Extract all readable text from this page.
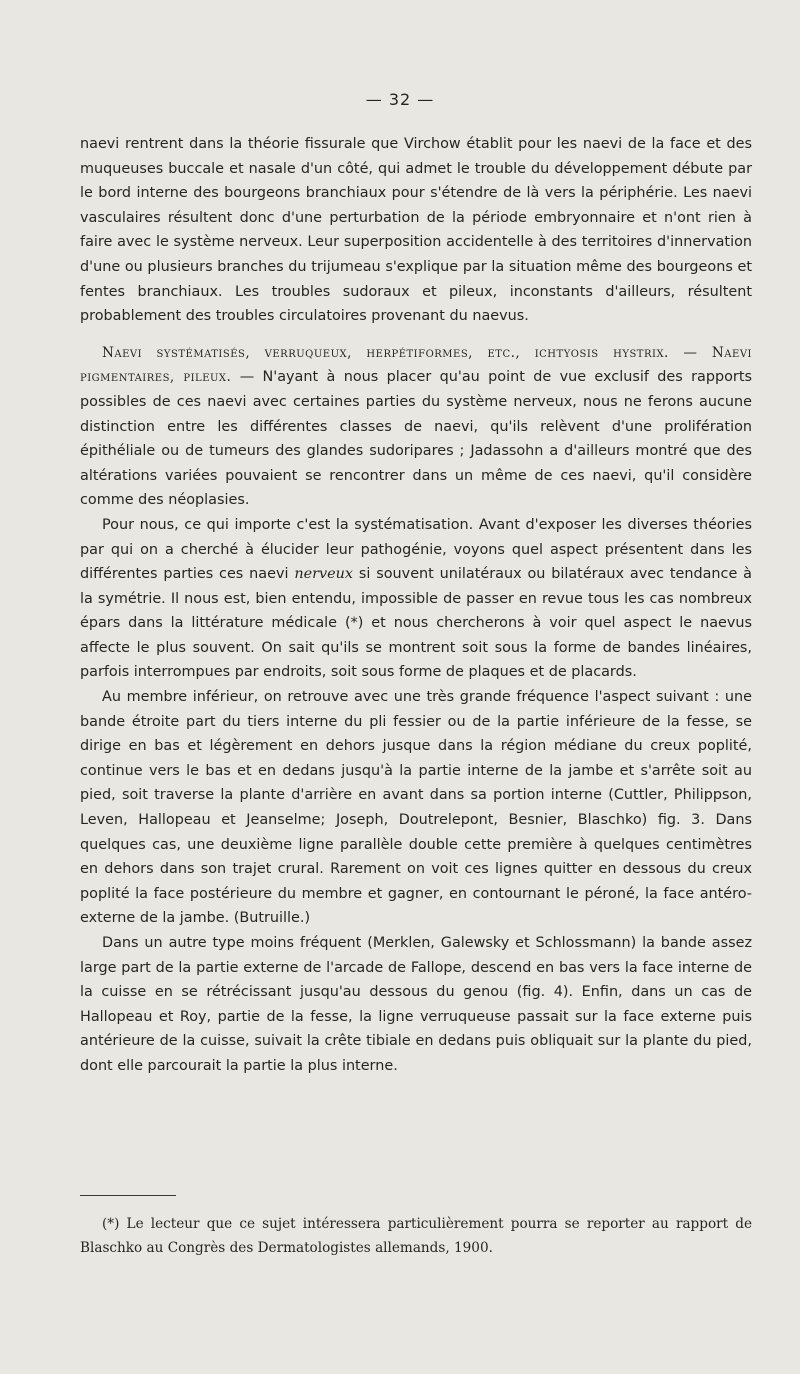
— 32 —

naevi rentrent dans la théorie fissurale que Virchow établit pour les naevi de la face et des muqueuses buccale et nasale d'un côté, qui admet le trouble du développement débute par le bord interne des bourgeons branchiaux pour s'étendre de là vers la périphérie. Les naevi vasculaires résultent donc d'une perturbation de la période embryonnaire et n'ont rien à faire avec le système nerveux. Leur superposition accidentelle à des territoires d'innervation d'une ou plusieurs branches du trijumeau s'explique par la situation même des bourgeons et fentes branchiaux. Les troubles sudoraux et pileux, inconstants d'ailleurs, résultent probablement des troubles circulatoires provenant du naevus.

Naevi systématisés, verruqueux, herpétiformes, etc., ichtyosis hystrix. — Naevi pigmentaires, pileux. — N'ayant à nous placer qu'au point de vue exclusif des rapports possibles de ces naevi avec certaines parties du système nerveux, nous ne ferons aucune distinction entre les différentes classes de naevi, qu'ils relèvent d'une prolifération épithéliale ou de tumeurs des glandes sudoripares ; Jadassohn a d'ailleurs montré que des altérations variées pouvaient se rencontrer dans un même de ces naevi, qu'il considère comme des néoplasies.

Pour nous, ce qui importe c'est la systématisation. Avant d'exposer les diverses théories par qui on a cherché à élucider leur pathogénie, voyons quel aspect présentent dans les différentes parties ces naevi nerveux si souvent unilatéraux ou bilatéraux avec tendance à la symétrie. Il nous est, bien entendu, impossible de passer en revue tous les cas nombreux épars dans la littérature médicale (*) et nous chercherons à voir quel aspect le naevus affecte le plus souvent. On sait qu'ils se montrent soit sous la forme de bandes linéaires, parfois interrompues par endroits, soit sous forme de plaques et de placards.

Au membre inférieur, on retrouve avec une très grande fréquence l'aspect suivant : une bande étroite part du tiers interne du pli fessier ou de la partie inférieure de la fesse, se dirige en bas et légèrement en dehors jusque dans la région médiane du creux poplité, continue vers le bas et en dedans jusqu'à la partie interne de la jambe et s'arrête soit au pied, soit traverse la plante d'arrière en avant dans sa portion interne (Cuttler, Philippson, Leven, Hallopeau et Jeanselme; Joseph, Doutrelepont, Besnier, Blaschko) fig. 3. Dans quelques cas, une deuxième ligne parallèle double cette première à quelques centimètres en dehors dans son trajet crural. Rarement on voit ces lignes quitter en dessous du creux poplité la face postérieure du membre et gagner, en contournant le péroné, la face antéro-externe de la jambe. (Butruille.)

Dans un autre type moins fréquent (Merklen, Galewsky et Schlossmann) la bande assez large part de la partie externe de l'arcade de Fallope, descend en bas vers la face interne de la cuisse en se rétrécissant jusqu'au dessous du genou (fig. 4). Enfin, dans un cas de Hallopeau et Roy, partie de la fesse, la ligne verruqueuse passait sur la face externe puis antérieure de la cuisse, suivait la crête tibiale en dedans puis obliquait sur la plante du pied, dont elle parcourait la partie la plus interne.

(*) Le lecteur que ce sujet intéressera particulièrement pourra se reporter au rapport de Blaschko au Congrès des Dermatologistes allemands, 1900.
